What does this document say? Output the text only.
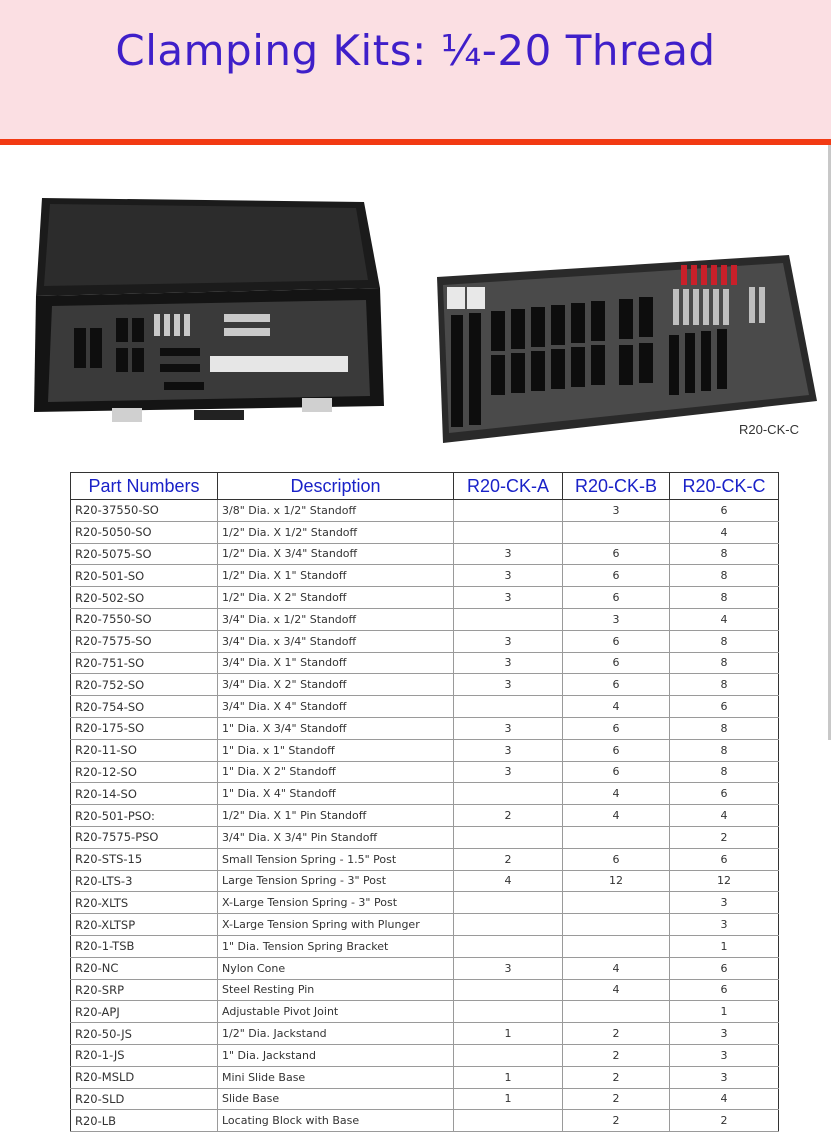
Clamping Kits: ¼-20 Thread
R20-CK-C
Part Numbers	Description	R20-CK-A	R20-CK-B	R20-CK-C
R20-37550-SO	3/8" Dia. x 1/2" Standoff		3	6
R20-5050-SO	1/2" Dia. X 1/2" Standoff			4
R20-5075-SO	1/2" Dia. X 3/4" Standoff	3	6	8
R20-501-SO	1/2" Dia. X 1" Standoff	3	6	8
R20-502-SO	1/2" Dia. X 2" Standoff	3	6	8
R20-7550-SO	3/4" Dia. x 1/2" Standoff		3	4
R20-7575-SO	3/4" Dia. x 3/4" Standoff	3	6	8
R20-751-SO	3/4" Dia. X 1" Standoff	3	6	8
R20-752-SO	3/4" Dia. X 2" Standoff	3	6	8
R20-754-SO	3/4" Dia. X 4" Standoff		4	6
R20-175-SO	1" Dia. X 3/4" Standoff	3	6	8
R20-11-SO	1" Dia. x 1" Standoff	3	6	8
R20-12-SO	1" Dia. X 2" Standoff	3	6	8
R20-14-SO	1" Dia. X 4" Standoff		4	6
R20-501-PSO:	1/2" Dia. X 1" Pin Standoff	2	4	4
R20-7575-PSO	3/4" Dia. X 3/4" Pin Standoff			2
R20-STS-15	Small Tension Spring - 1.5" Post	2	6	6
R20-LTS-3	Large Tension Spring - 3" Post	4	12	12
R20-XLTS	X-Large Tension Spring - 3" Post			3
R20-XLTSP	X-Large Tension Spring with Plunger			3
R20-1-TSB	1" Dia. Tension Spring Bracket			1
R20-NC	Nylon Cone	3	4	6
R20-SRP	Steel Resting Pin		4	6
R20-APJ	Adjustable Pivot Joint			1
R20-50-JS	1/2" Dia. Jackstand	1	2	3
R20-1-JS	1" Dia. Jackstand		2	3
R20-MSLD	Mini Slide Base	1	2	3
R20-SLD	Slide Base	1	2	4
R20-LB	Locating Block with Base		2	2
